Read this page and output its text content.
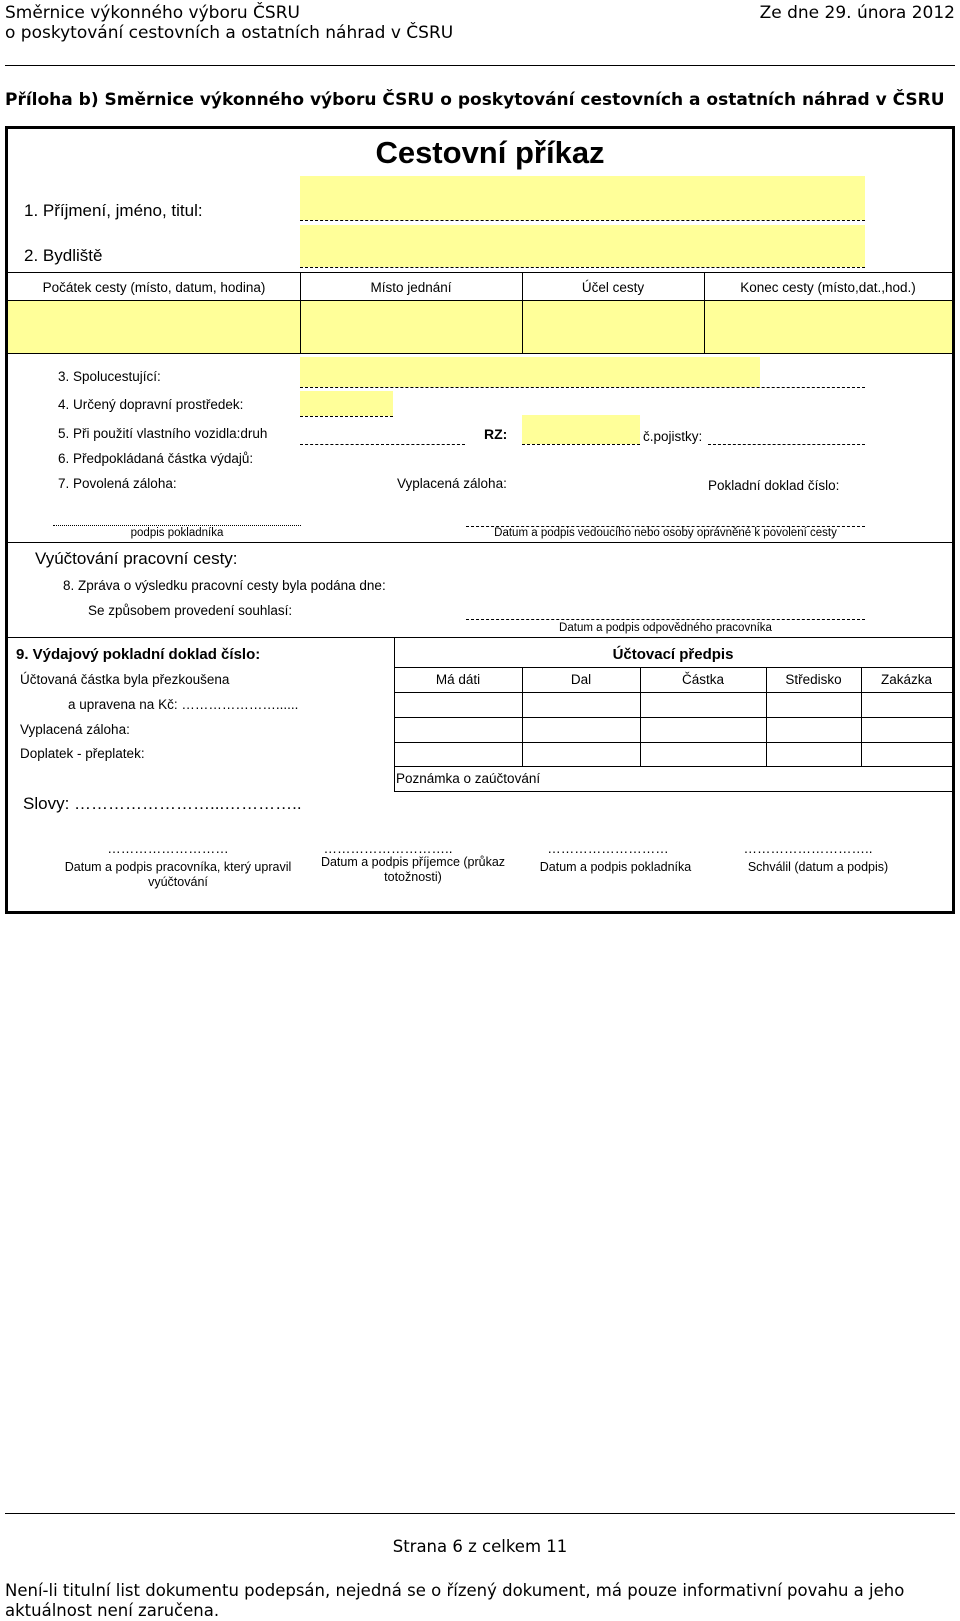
Směrnice výkonného výboru ČSRU
o poskytování cestovních a ostatních náhrad v ČSRU
Ze dne 29. února 2012
Příloha b) Směrnice výkonného výboru ČSRU o poskytování cestovních a ostatních náhrad v ČSRU
Cestovní příkaz
1. Příjmení, jméno, titul:
2. Bydliště
Počátek cesty (místo, datum, hodina)	Místo jednání	Účel cesty	Konec cesty (místo,dat.,hod.)
3. Spolucestující:
4. Určený dopravní prostředek:
5. Při použití vlastního vozidla:druh	RZ:	č.pojistky:
6. Předpokládaná částka výdajů:
7. Povolená záloha:	Vyplacená záloha:	Pokladní doklad číslo:
podpis pokladníka	Datum a podpis vedoucího nebo osoby oprávněné k povolení cesty
Vyúčtování pracovní cesty:
8. Zpráva o výsledku pracovní cesty byla podána dne:
Se způsobem provedení souhlasí:
Datum a podpis odpovědného pracovníka
9. Výdajový pokladní doklad číslo:	Účtovací předpis
Účtovaná částka byla přezkoušena
a upravena na Kč: …………………......
Vyplacená záloha:
Doplatek - přeplatek:
Slovy: ……………………...…………..
Má dáti	Dal	Částka	Středisko	Zakázka
Poznámka o zaúčtování
………………………
Datum a podpis pracovníka, který upravil vyúčtování
………………………..
Datum a podpis příjemce (průkaz totožnosti)
………………………
Datum a podpis pokladníka
………………………..
Schválil (datum a podpis)
Strana 6 z celkem 11
Není-li titulní list dokumentu podepsán, nejedná se o řízený dokument, má pouze informativní povahu a jeho aktuálnost není zaručena.
